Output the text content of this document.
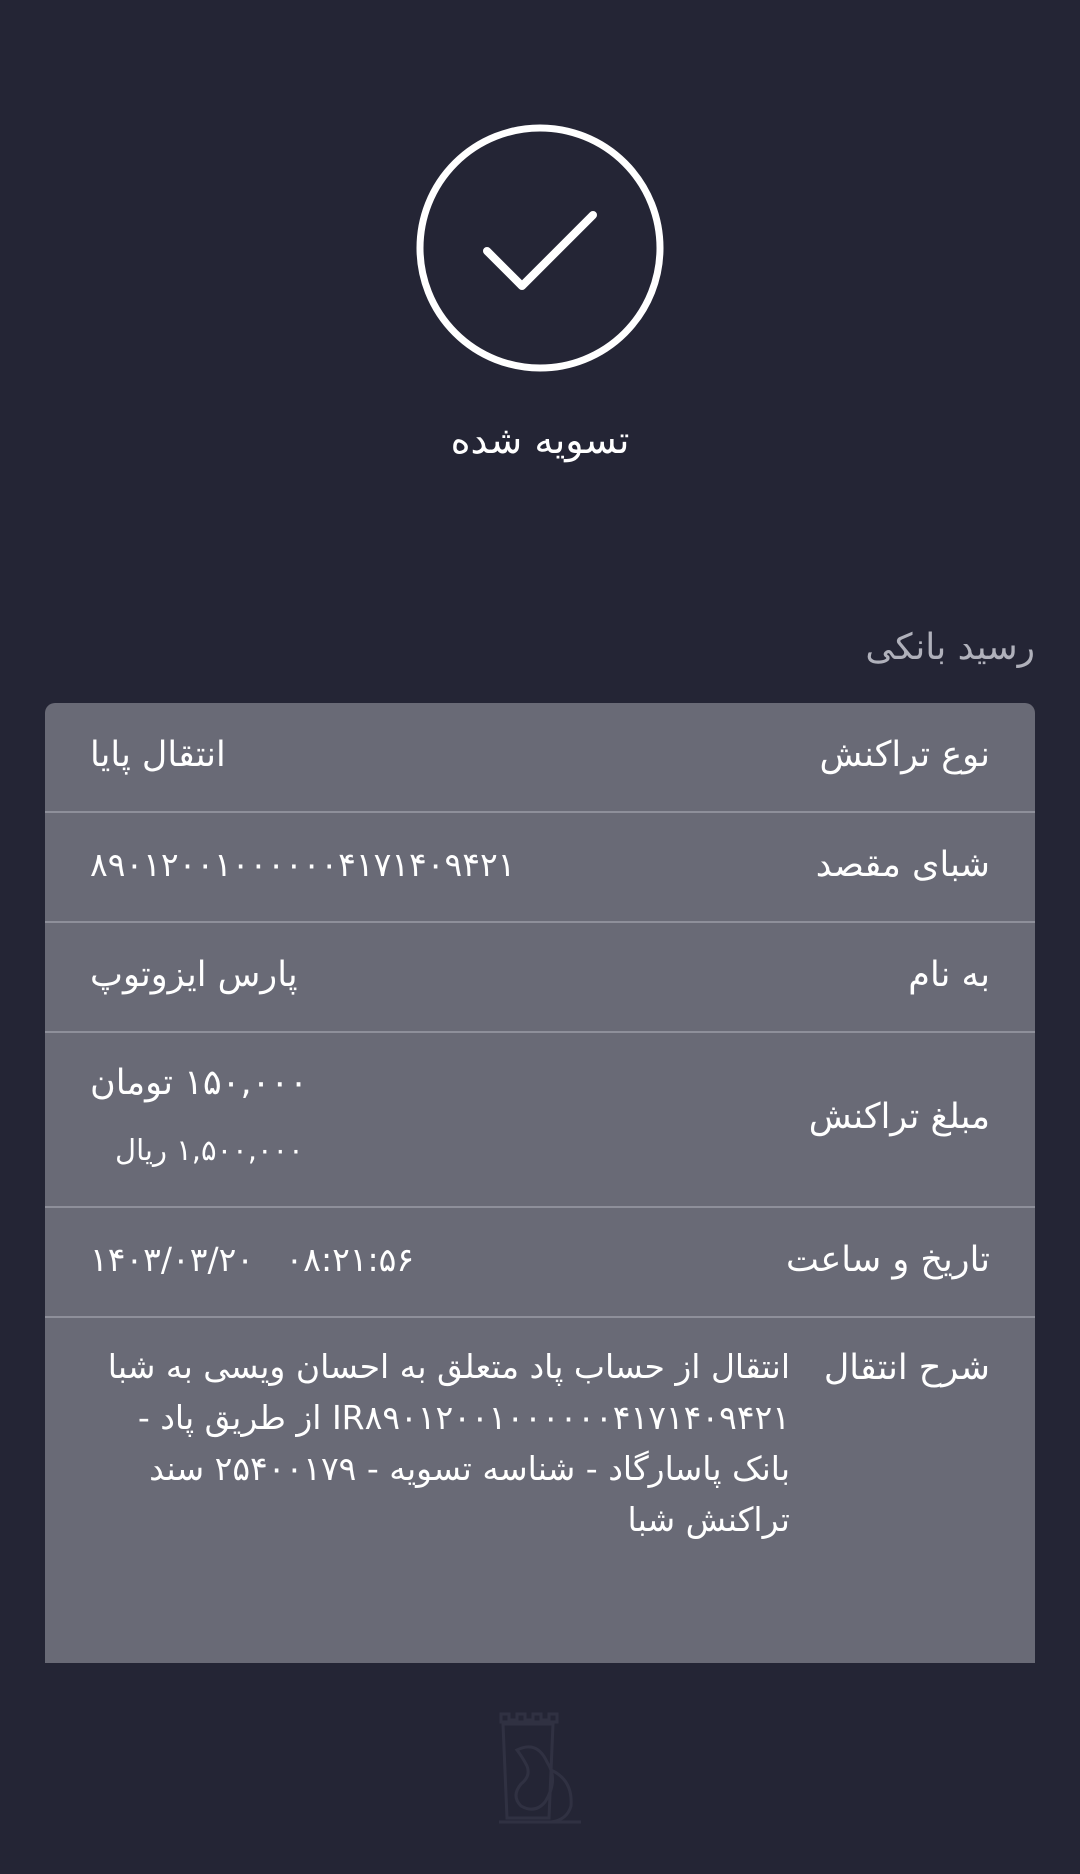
تسویه شده
رسید بانکی
نوع تراکنش
انتقال پایا
شبای مقصد
۸۹۰۱۲۰۰۱۰۰۰۰۰۰۴۱۷۱۴۰۹۴۲۱
به نام
پارس ایزوتوپ
مبلغ تراکنش
۱۵۰,۰۰۰ تومان
۱,۵۰۰,۰۰۰ ریال
تاریخ و ساعت
۱۴۰۳/۰۳/۲۰   ۰۸:۲۱:۵۶
شرح انتقال
انتقال از حساب پاد متعلق به احسان ویسی به شبا IR۸۹۰۱۲۰۰۱۰۰۰۰۰۰۴۱۷۱۴۰۹۴۲۱ از طریق پاد - بانک پاسارگاد - شناسه تسویه - ۲۵۴۰۰۱۷۹ سند تراکنش شبا
